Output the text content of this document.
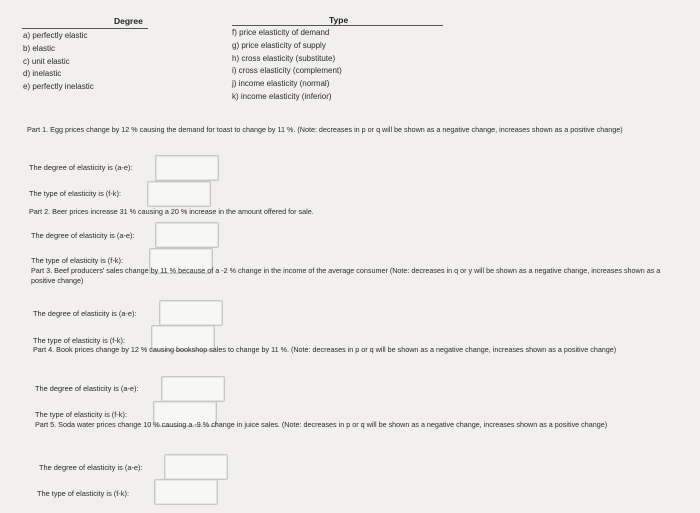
Degree	Type
a) perfectly elastic
b) elastic
c) unit elastic
d) inelastic
e) perfectly inelastic
f) price elasticity of demand
g) price elasticity of supply
h) cross elasticity (substitute)
i) cross elasticity (complement)
j) income elasticity (normal)
k) income elasticity (inferior)
Part 1. Egg prices change by 12 % causing the demand for toast to change by 11 %. (Note: decreases in p or q will be shown as a negative change, increases shown as a positive change)
The degree of elasticity is (a-e):
The type of elasticity is (f-k):
Part 2. Beer prices increase 31 % causing a 20 % increase in the amount offered for sale.
The degree of elasticity is (a-e):
The type of elasticity is (f-k):
Part 3. Beef producers' sales change by 11 % because of a -2 % change in the income of the average consumer (Note: decreases in q or y will be shown as a negative change, increases shown as a positive change)
The degree of elasticity is (a-e):
The type of elasticity is (f-k):
Part 4. Book prices change by 12 % causing bookshop sales to change by 11 %. (Note: decreases in p or q will be shown as a negative change, increases shown as a positive change)
The degree of elasticity is (a-e):
The type of elasticity is (f-k):
Part 5. Soda water prices change 10 % causing a -9 % change in juice sales. (Note: decreases in p or q will be shown as a negative change, increases shown as a positive change)
The degree of elasticity is (a-e):
The type of elasticity is (f-k):
